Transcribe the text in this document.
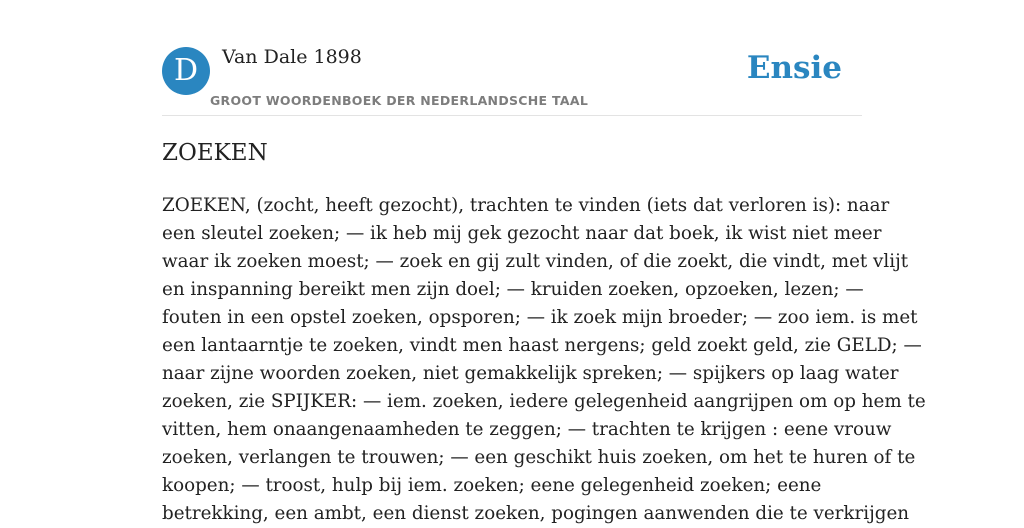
D	Van Dale 1898
GROOT WOORDENBOEK DER NEDERLANDSCHE TAAL
Ensie
ZOEKEN

ZOEKEN, (zocht, heeft gezocht), trachten te vinden (iets dat verloren is): naar
een sleutel zoeken; — ik heb mij gek gezocht naar dat boek, ik wist niet meer
waar ik zoeken moest; — zoek en gij zult vinden, of die zoekt, die vindt, met vlijt
en inspanning bereikt men zijn doel; — kruiden zoeken, opzoeken, lezen; —
fouten in een opstel zoeken, opsporen; — ik zoek mijn broeder; — zoo iem. is met
een lantaarntje te zoeken, vindt men haast nergens; geld zoekt geld, zie GELD; —
naar zijne woorden zoeken, niet gemakkelijk spreken; — spijkers op laag water
zoeken, zie SPIJKER: — iem. zoeken, iedere gelegenheid aangrijpen om op hem te
vitten, hem onaangenaamheden te zeggen; — trachten te krijgen : eene vrouw
zoeken, verlangen te trouwen; — een geschikt huis zoeken, om het te huren of te
koopen; — troost, hulp bij iem. zoeken; eene gelegenheid zoeken; eene
betrekking, een ambt, een dienst zoeken, pogingen aanwenden die te verkrijgen
